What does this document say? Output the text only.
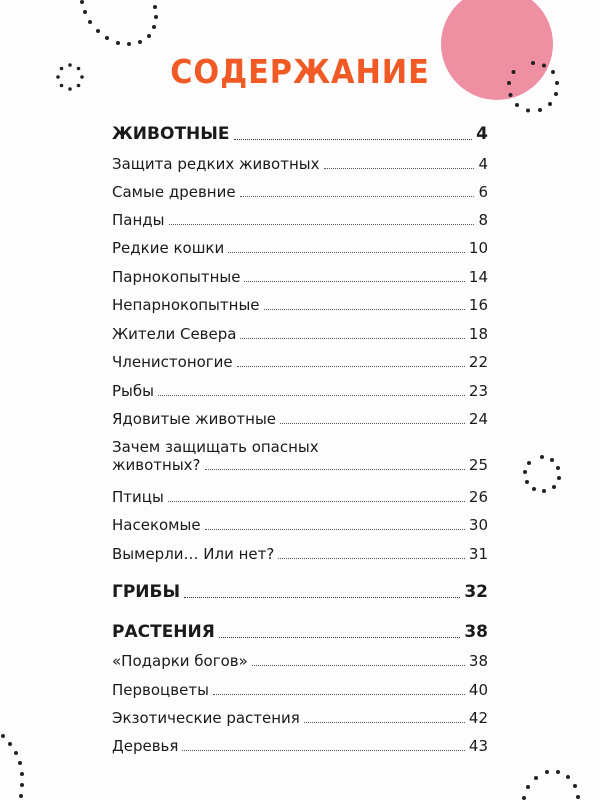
СОДЕРЖАНИЕ
ЖИВОТНЫЕ	4
Защита редких животных	4
Самые древние	6
Панды	8
Редкие кошки	10
Парнокопытные	14
Непарнокопытные	16
Жители Севера	18
Членистоногие	22
Рыбы	23
Ядовитые животные	24
Зачем защищать опасных
животных?	25
Птицы	26
Насекомые	30
Вымерли… Или нет?	31
ГРИБЫ	32
РАСТЕНИЯ	38
«Подарки богов»	38
Первоцветы	40
Экзотические растения	42
Деревья	43
